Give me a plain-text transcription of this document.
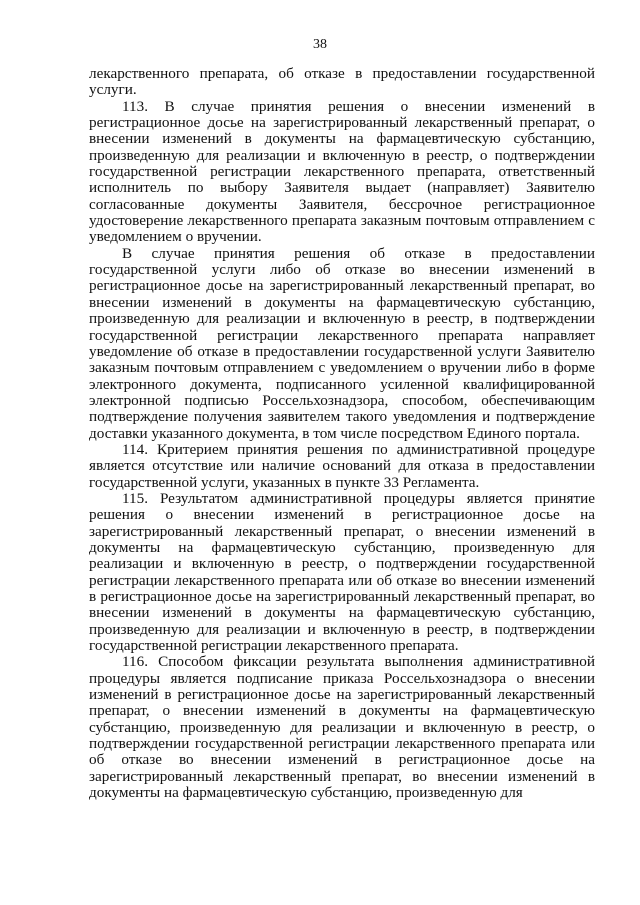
38

лекарственного препарата, об отказе в предоставлении государственной услуги.

113. В случае принятия решения о внесении изменений в регистрационное досье на зарегистрированный лекарственный препарат, о внесении изменений в документы на фармацевтическую субстанцию, произведенную для реализации и включенную в реестр, о подтверждении государственной регистрации лекарственного препарата, ответственный исполнитель по выбору Заявителя выдает (направляет) Заявителю согласованные документы Заявителя, бессрочное регистрационное удостоверение лекарственного препарата заказным почтовым отправлением с уведомлением о вручении.

В случае принятия решения об отказе в предоставлении государственной услуги либо об отказе во внесении изменений в регистрационное досье на зарегистрированный лекарственный препарат, во внесении изменений в документы на фармацевтическую субстанцию, произведенную для реализации и включенную в реестр, в подтверждении государственной регистрации лекарственного препарата направляет уведомление об отказе в предоставлении государственной услуги Заявителю заказным почтовым отправлением с уведомлением о вручении либо в форме электронного документа, подписанного усиленной квалифицированной электронной подписью Россельхознадзора, способом, обеспечивающим подтверждение получения заявителем такого уведомления и подтверждение доставки указанного документа, в том числе посредством Единого портала.

114. Критерием принятия решения по административной процедуре является отсутствие или наличие оснований для отказа в предоставлении государственной услуги, указанных в пункте 33 Регламента.

115. Результатом административной процедуры является принятие решения о внесении изменений в регистрационное досье на зарегистрированный лекарственный препарат, о внесении изменений в документы на фармацевтическую субстанцию, произведенную для реализации и включенную в реестр, о подтверждении государственной регистрации лекарственного препарата или об отказе во внесении изменений в регистрационное досье на зарегистрированный лекарственный препарат, во внесении изменений в документы на фармацевтическую субстанцию, произведенную для реализации и включенную в реестр, в подтверждении государственной регистрации лекарственного препарата.

116. Способом фиксации результата выполнения административной процедуры является подписание приказа Россельхознадзора о внесении изменений в регистрационное досье на зарегистрированный лекарственный препарат, о внесении изменений в документы на фармацевтическую субстанцию, произведенную для реализации и включенную в реестр, о подтверждении государственной регистрации лекарственного препарата или об отказе во внесении изменений в регистрационное досье на зарегистрированный лекарственный препарат, во внесении изменений в документы на фармацевтическую субстанцию, произведенную для
